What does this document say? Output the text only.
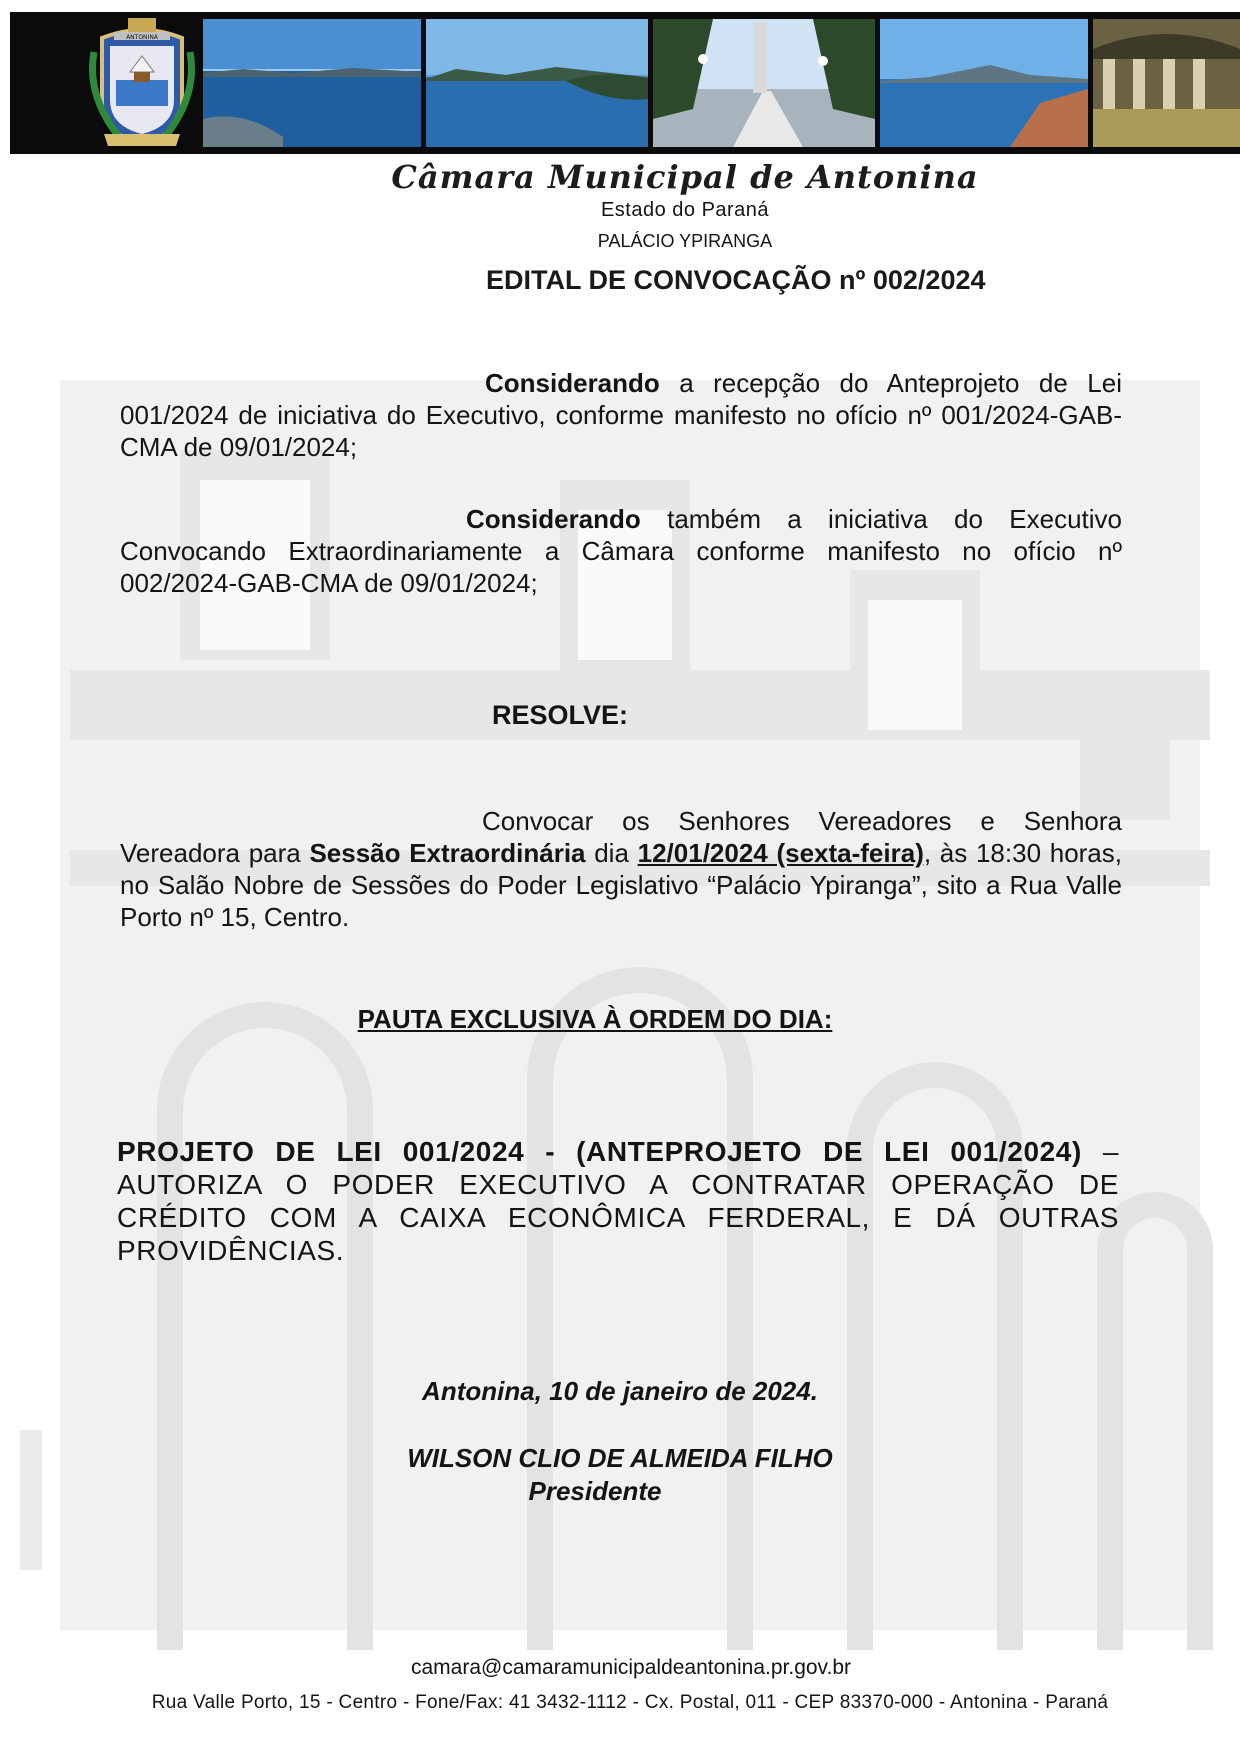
ANTONINA
Câmara Municipal de Antonina
Estado do Paraná
PALÁCIO YPIRANGA
EDITAL DE CONVOCAÇÃO nº 002/2024
Considerando a recepção do Anteprojeto de Lei 001/2024 de iniciativa do Executivo, conforme manifesto no ofício nº 001/2024-GAB-CMA de 09/01/2024;
Considerando também a iniciativa do Executivo Convocando Extraordinariamente a Câmara conforme manifesto no ofício nº 002/2024-GAB-CMA de 09/01/2024;
RESOLVE:
Convocar os Senhores Vereadores e Senhora Vereadora para Sessão Extraordinária dia 12/01/2024 (sexta-feira), às 18:30 horas, no Salão Nobre de Sessões do Poder Legislativo “Palácio Ypiranga”, sito a Rua Valle Porto nº 15, Centro.
PAUTA EXCLUSIVA À ORDEM DO DIA:
PROJETO DE LEI 001/2024 - (ANTEPROJETO DE LEI 001/2024) – AUTORIZA O PODER EXECUTIVO A CONTRATAR OPERAÇÃO DE CRÉDITO COM A CAIXA ECONÔMICA FERDERAL, E DÁ OUTRAS PROVIDÊNCIAS.
Antonina, 10 de janeiro de 2024.
WILSON CLIO DE ALMEIDA FILHO
Presidente
camara@camaramunicipaldeantonina.pr.gov.br
Rua Valle Porto, 15 - Centro - Fone/Fax: 41 3432-1112 - Cx. Postal, 011 - CEP 83370-000 - Antonina - Paraná
